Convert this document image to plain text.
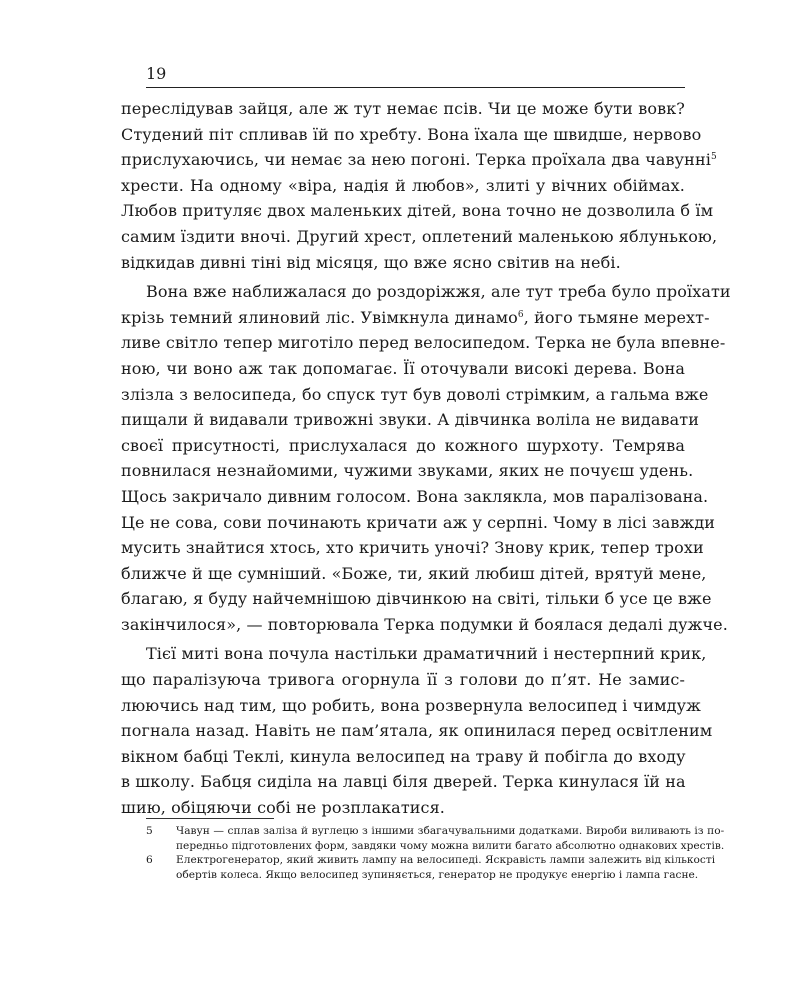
19
переслідував зайця, але ж тут немає псів. Чи це може бути вовк?
Студений піт спливав їй по хребту. Вона їхала ще швидше, нервово
прислухаючись, чи немає за нею погоні. Терка проїхала два чавунні$^5$
хрести. На одному «віра, надія й любов», злиті у вічних обіймах.
Любов притуляє двох маленьких дітей, вона точно не дозволила б їм
самим їздити вночі. Другий хрест, оплетений маленькою яблунькою,
відкидав дивні тіні від місяця, що вже ясно світив на небі.
Вона вже наближалася до роздоріжжя, але тут треба було проїхати
крізь темний ялиновий ліс. Увімкнула динамо$^6$, його тьмяне мерехт-
ливе світло тепер миготіло перед велосипедом. Терка не була впевне-
ною, чи воно аж так допомагає. Її оточували високі дерева. Вона
злізла з велосипеда, бо спуск тут був доволі стрімким, а гальма вже
пищали й видавали тривожні звуки. А дівчинка воліла не видавати
своєї присутності, прислухалася до кожного шурхоту. Темрява
повнилася незнайомими, чужими звуками, яких не почуєш удень.
Щось закричало дивним голосом. Вона заклякла, мов паралізована.
Це не сова, сови починають кричати аж у серпні. Чому в лісі завжди
мусить знайтися хтось, хто кричить уночі? Знову крик, тепер трохи
ближче й ще сумніший. «Боже, ти, який любиш дітей, врятуй мене,
благаю, я буду найчемнішою дівчинкою на світі, тільки б усе це вже
закінчилося», — повторювала Терка подумки й боялася дедалі дужче.
Тієї миті вона почула настільки драматичний і нестерпний крик,
що паралізуюча тривога огорнула її з голови до п’ят. Не замис-
люючись над тим, що робить, вона розвернула велосипед і чимдуж
погнала назад. Навіть не пам’ятала, як опинилася перед освітленим
вікном бабці Теклі, кинула велосипед на траву й побігла до входу
в школу. Бабця сиділа на лавці біля дверей. Терка кинулася їй на
шию, обіцяючи собі не розплакатися.
5	Чавун — сплав заліза й вуглецю з іншими збагачувальними додатками. Вироби виливають із по-
передньо підготовлених форм, завдяки чому можна вилити багато абсолютно однакових хрестів.
6	Електрогенератор, який живить лампу на велосипеді. Яскравість лампи залежить від кількості
обертів колеса. Якщо велосипед зупиняється, генератор не продукує енергію і лампа гасне.
